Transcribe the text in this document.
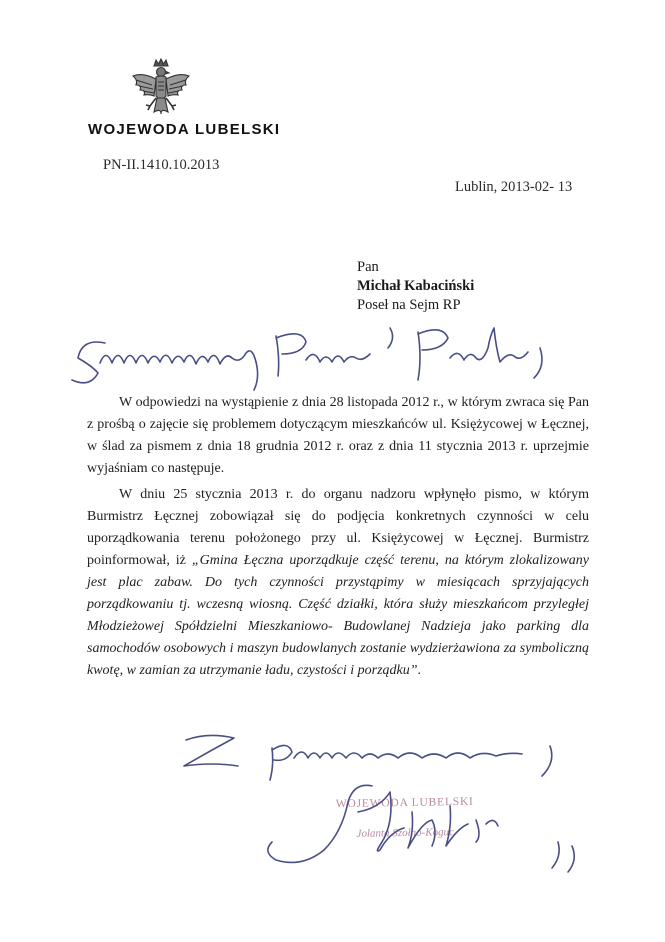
WOJEWODA LUBELSKI
PN-II.1410.10.2013
Lublin, 2013-02- 13
Pan
Michał Kabaciński
Poseł na Sejm RP

W odpowiedzi na wystąpienie z dnia 28 listopada 2012 r., w którym zwraca się Pan z prośbą o zajęcie się problemem dotyczącym mieszkańców ul. Księżycowej w Łęcznej, w ślad za pismem z dnia 18 grudnia 2012 r. oraz z dnia 11 stycznia 2013 r. uprzejmie wyjaśniam co następuje.

W dniu 25 stycznia 2013 r. do organu nadzoru wpłynęło pismo, w którym Burmistrz Łęcznej zobowiązał się do podjęcia konkretnych czynności w celu uporządkowania terenu położonego przy ul. Księżycowej w Łęcznej. Burmistrz poinformował, iż „Gmina Łęczna uporządkuje część terenu, na którym zlokalizowany jest plac zabaw. Do tych czynności przystąpimy w miesiącach sprzyjających porządkowaniu tj. wczesną wiosną. Część działki, która służy mieszkańcom przyległej Młodzieżowej Spółdzielni Mieszkaniowo- Budowlanej Nadzieja jako parking dla samochodów osobowych i maszyn budowlanych zostanie wydzierżawiona za symboliczną kwotę, w zamian za utrzymanie ładu, czystości i porządku”.

WOJEWODA LUBELSKI
Jolanta Szołno-Koguc
